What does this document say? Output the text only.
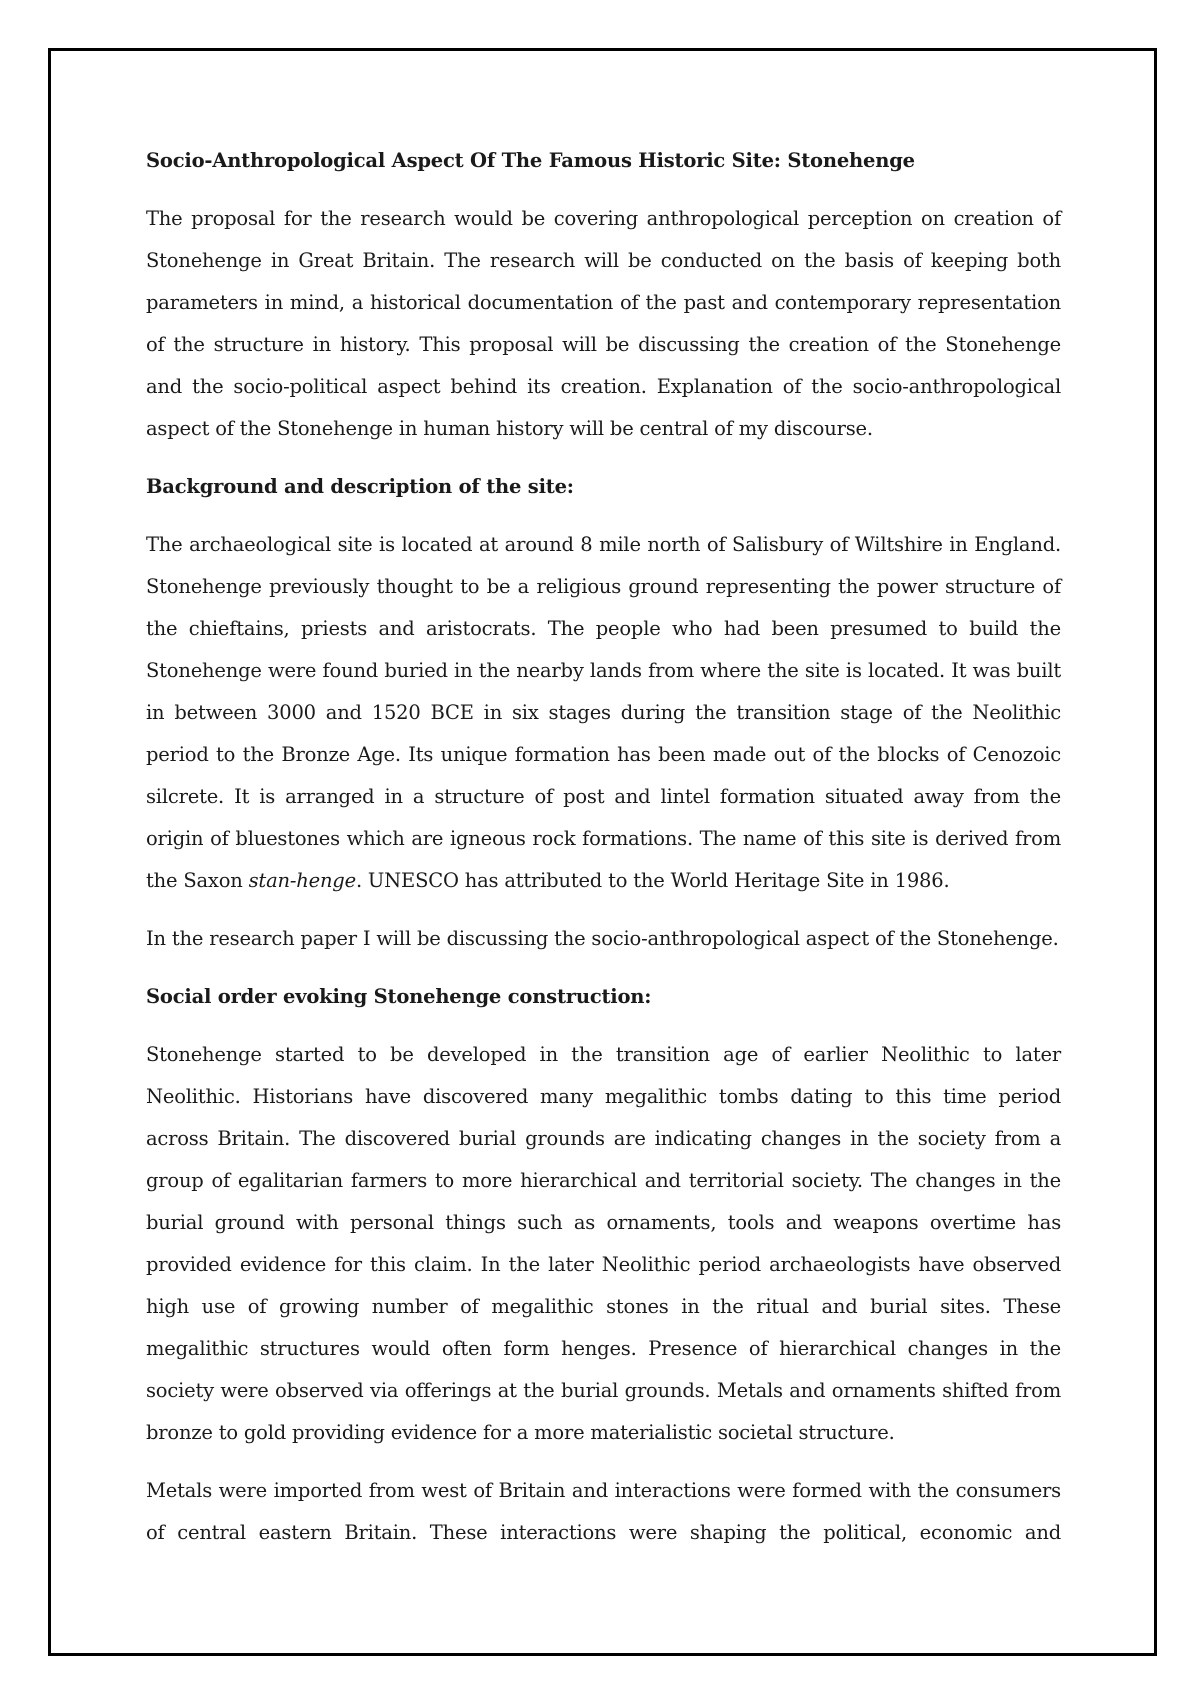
Socio-Anthropological Aspect Of The Famous Historic Site: Stonehenge

The proposal for the research would be covering anthropological perception on creation of Stonehenge in Great Britain. The research will be conducted on the basis of keeping both parameters in mind, a historical documentation of the past and contemporary representation of the structure in history. This proposal will be discussing the creation of the Stonehenge and the socio-political aspect behind its creation. Explanation of the socio-anthropological aspect of the Stonehenge in human history will be central of my discourse.

Background and description of the site:

The archaeological site is located at around 8 mile north of Salisbury of Wiltshire in England. Stonehenge previously thought to be a religious ground representing the power structure of the chieftains, priests and aristocrats. The people who had been presumed to build the Stonehenge were found buried in the nearby lands from where the site is located. It was built in between 3000 and 1520 BCE in six stages during the transition stage of the Neolithic period to the Bronze Age. Its unique formation has been made out of the blocks of Cenozoic silcrete. It is arranged in a structure of post and lintel formation situated away from the origin of bluestones which are igneous rock formations. The name of this site is derived from the Saxon stan-henge. UNESCO has attributed to the World Heritage Site in 1986.

In the research paper I will be discussing the socio-anthropological aspect of the Stonehenge.

Social order evoking Stonehenge construction:

Stonehenge started to be developed in the transition age of earlier Neolithic to later Neolithic. Historians have discovered many megalithic tombs dating to this time period across Britain. The discovered burial grounds are indicating changes in the society from a group of egalitarian farmers to more hierarchical and territorial society. The changes in the burial ground with personal things such as ornaments, tools and weapons overtime has provided evidence for this claim. In the later Neolithic period archaeologists have observed high use of growing number of megalithic stones in the ritual and burial sites. These megalithic structures would often form henges. Presence of hierarchical changes in the society were observed via offerings at the burial grounds. Metals and ornaments shifted from bronze to gold providing evidence for a more materialistic societal structure.

Metals were imported from west of Britain and interactions were formed with the consumers of central eastern Britain. These interactions were shaping the political, economic and
